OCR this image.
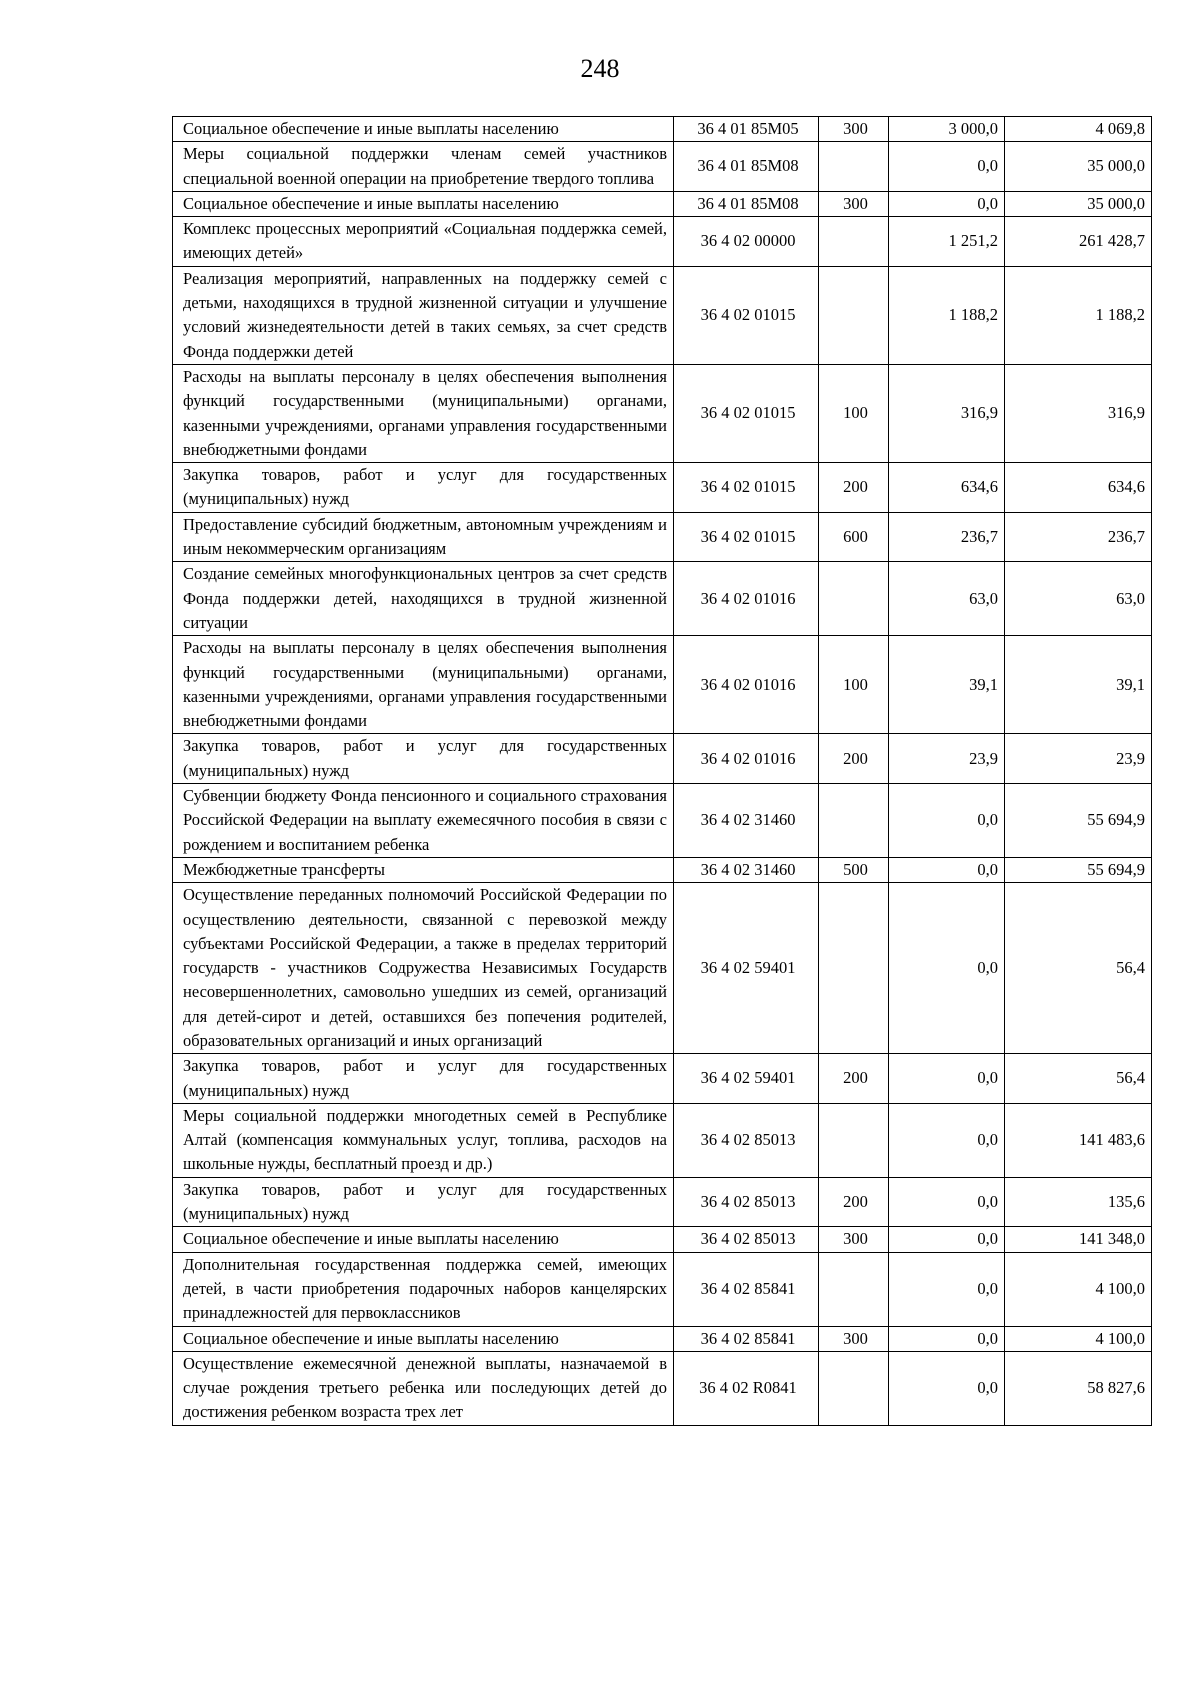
248
Социальное обеспечение и иные выплаты населению	36 4 01 85М05	300	3 000,0	4 069,8
Меры социальной поддержки членам семей участников специальной военной операции на приобретение твердого топлива	36 4 01 85М08		0,0	35 000,0
Социальное обеспечение и иные выплаты населению	36 4 01 85М08	300	0,0	35 000,0
Комплекс процессных мероприятий «Социальная поддержка семей, имеющих детей»	36 4 02 00000		1 251,2	261 428,7
Реализация мероприятий, направленных на поддержку семей с детьми, находящихся в трудной жизненной ситуации и улучшение условий жизнедеятельности детей в таких семьях, за счет средств Фонда поддержки детей	36 4 02 01015		1 188,2	1 188,2
Расходы на выплаты персоналу в целях обеспечения выполнения функций государственными (муниципальными) органами, казенными учреждениями, органами управления государственными внебюджетными фондами	36 4 02 01015	100	316,9	316,9
Закупка товаров, работ и услуг для государственных (муниципальных) нужд	36 4 02 01015	200	634,6	634,6
Предоставление субсидий бюджетным, автономным учреждениям и иным некоммерческим организациям	36 4 02 01015	600	236,7	236,7
Создание семейных многофункциональных центров за счет средств Фонда поддержки детей, находящихся в трудной жизненной ситуации	36 4 02 01016		63,0	63,0
Расходы на выплаты персоналу в целях обеспечения выполнения функций государственными (муниципальными) органами, казенными учреждениями, органами управления государственными внебюджетными фондами	36 4 02 01016	100	39,1	39,1
Закупка товаров, работ и услуг для государственных (муниципальных) нужд	36 4 02 01016	200	23,9	23,9
Субвенции бюджету Фонда пенсионного и социального страхования Российской Федерации на выплату ежемесячного пособия в связи с рождением и воспитанием ребенка	36 4 02 31460		0,0	55 694,9
Межбюджетные трансферты	36 4 02 31460	500	0,0	55 694,9
Осуществление переданных полномочий Российской Федерации по осуществлению деятельности, связанной с перевозкой между субъектами Российской Федерации, а также в пределах территорий государств - участников Содружества Независимых Государств несовершеннолетних, самовольно ушедших из семей, организаций для детей-сирот и детей, оставшихся без попечения родителей, образовательных организаций и иных организаций	36 4 02 59401		0,0	56,4
Закупка товаров, работ и услуг для государственных (муниципальных) нужд	36 4 02 59401	200	0,0	56,4
Меры социальной поддержки многодетных семей в Республике Алтай (компенсация коммунальных услуг, топлива, расходов на школьные нужды, бесплатный проезд и др.)	36 4 02 85013		0,0	141 483,6
Закупка товаров, работ и услуг для государственных (муниципальных) нужд	36 4 02 85013	200	0,0	135,6
Социальное обеспечение и иные выплаты населению	36 4 02 85013	300	0,0	141 348,0
Дополнительная государственная поддержка семей, имеющих детей, в части приобретения подарочных наборов канцелярских принадлежностей для первоклассников	36 4 02 85841		0,0	4 100,0
Социальное обеспечение и иные выплаты населению	36 4 02 85841	300	0,0	4 100,0
Осуществление ежемесячной денежной выплаты, назначаемой в случае рождения третьего ребенка или последующих детей до достижения ребенком возраста трех лет	36 4 02 R0841		0,0	58 827,6
